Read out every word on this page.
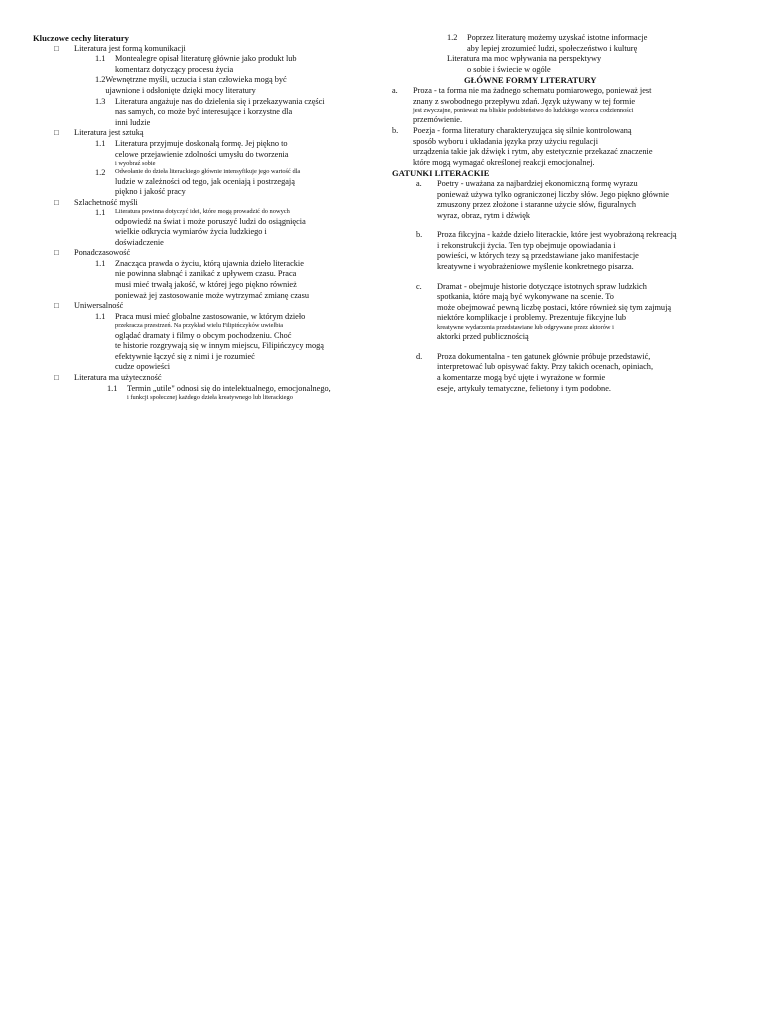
Kluczowe cechy literatury
□	Literatura jest formą komunikacji
1.1	Montealegre opisał literaturę głównie jako produkt lub
komentarz dotyczący procesu życia
1.2 Wewnętrzne myśli, uczucia i stan człowieka mogą być
ujawnione i odsłonięte dzięki mocy literatury
1.3	Literatura angażuje nas do dzielenia się i przekazywania części
nas samych, co może być interesujące i korzystne dla
inni ludzie
□	Literatura jest sztuką
1.1	Literatura przyjmuje doskonałą formę. Jej piękno to
celowe przejawienie zdolności umysłu do tworzenia
i wyobraź sobie
1.2	Odwołanie do dzieła literackiego głównie intensyfikuje jego wartość dla
ludzie w zależności od tego, jak oceniają i postrzegają
piękno i jakość pracy
□	Szlachetność myśli
1.1	Literatura powinna dotyczyć idei, które mogą prowadzić do nowych
odpowiedź na świat i może poruszyć ludzi do osiągnięcia
wielkie odkrycia wymiarów życia ludzkiego i
doświadczenie
□	Ponadczasowość
1.1	Znacząca prawda o życiu, którą ujawnia dzieło literackie
nie powinna słabnąć i zanikać z upływem czasu. Praca
musi mieć trwałą jakość, w której jego piękno również
ponieważ jej zastosowanie może wytrzymać zmianę czasu
□	Uniwersalność
1.1	Praca musi mieć globalne zastosowanie, w którym dzieło
przekracza przestrzeń. Na przykład wielu Filipińczyków uwielbia
oglądać dramaty i filmy o obcym pochodzeniu. Choć
te historie rozgrywają się w innym miejscu, Filipińczycy mogą
efektywnie łączyć się z nimi i je rozumieć
cudze opowieści
□	Literatura ma użyteczność
1.1	Termin „utile" odnosi się do intelektualnego, emocjonalnego,
i funkcji społecznej każdego dzieła kreatywnego lub literackiego
1.2	Poprzez literaturę możemy uzyskać istotne informacje
aby lepiej zrozumieć ludzi, społeczeństwo i kulturę
Literatura ma moc wpływania na perspektywy
o sobie i świecie w ogóle
GŁÓWNE FORMY LITERATURY
a.	Proza - ta forma nie ma żadnego schematu pomiarowego, ponieważ jest
znany z swobodnego przepływu zdań. Język używany w tej formie
jest zwyczajne, ponieważ ma bliskie podobieństwo do ludzkiego wzorca codzienności
przemówienie.
b.	Poezja - forma literatury charakteryzująca się silnie kontrolowaną
sposób wyboru i układania języka przy użyciu regulacji
urządzenia takie jak dźwięk i rytm, aby estetycznie przekazać znaczenie
które mogą wymagać określonej reakcji emocjonalnej.
GATUNKI LITERACKIE
a.	Poetry - uważana za najbardziej ekonomiczną formę wyrazu
ponieważ używa tylko ograniczonej liczby słów. Jego piękno głównie
zmuszony przez złożone i staranne użycie słów, figuralnych
wyraz, obraz, rytm i dźwięk
b.	Proza fikcyjna - każde dzieło literackie, które jest wyobrażoną rekreacją
i rekonstrukcji życia. Ten typ obejmuje opowiadania i
powieści, w których tezy są przedstawiane jako manifestacje
kreatywne i wyobrażeniowe myślenie konkretnego pisarza.
c.	Dramat - obejmuje historie dotyczące istotnych spraw ludzkich
spotkania, które mają być wykonywane na scenie. To
może obejmować pewną liczbę postaci, które również się tym zajmują
niektóre komplikacje i problemy. Prezentuje fikcyjne lub
kreatywne wydarzenia przedstawiane lub odgrywane przez aktorów i
aktorki przed publicznością
d.	Proza dokumentalna - ten gatunek głównie próbuje przedstawić,
interpretować lub opisywać fakty. Przy takich ocenach, opiniach,
a komentarze mogą być ujęte i wyrażone w formie
eseje, artykuły tematyczne, felietony i tym podobne.
